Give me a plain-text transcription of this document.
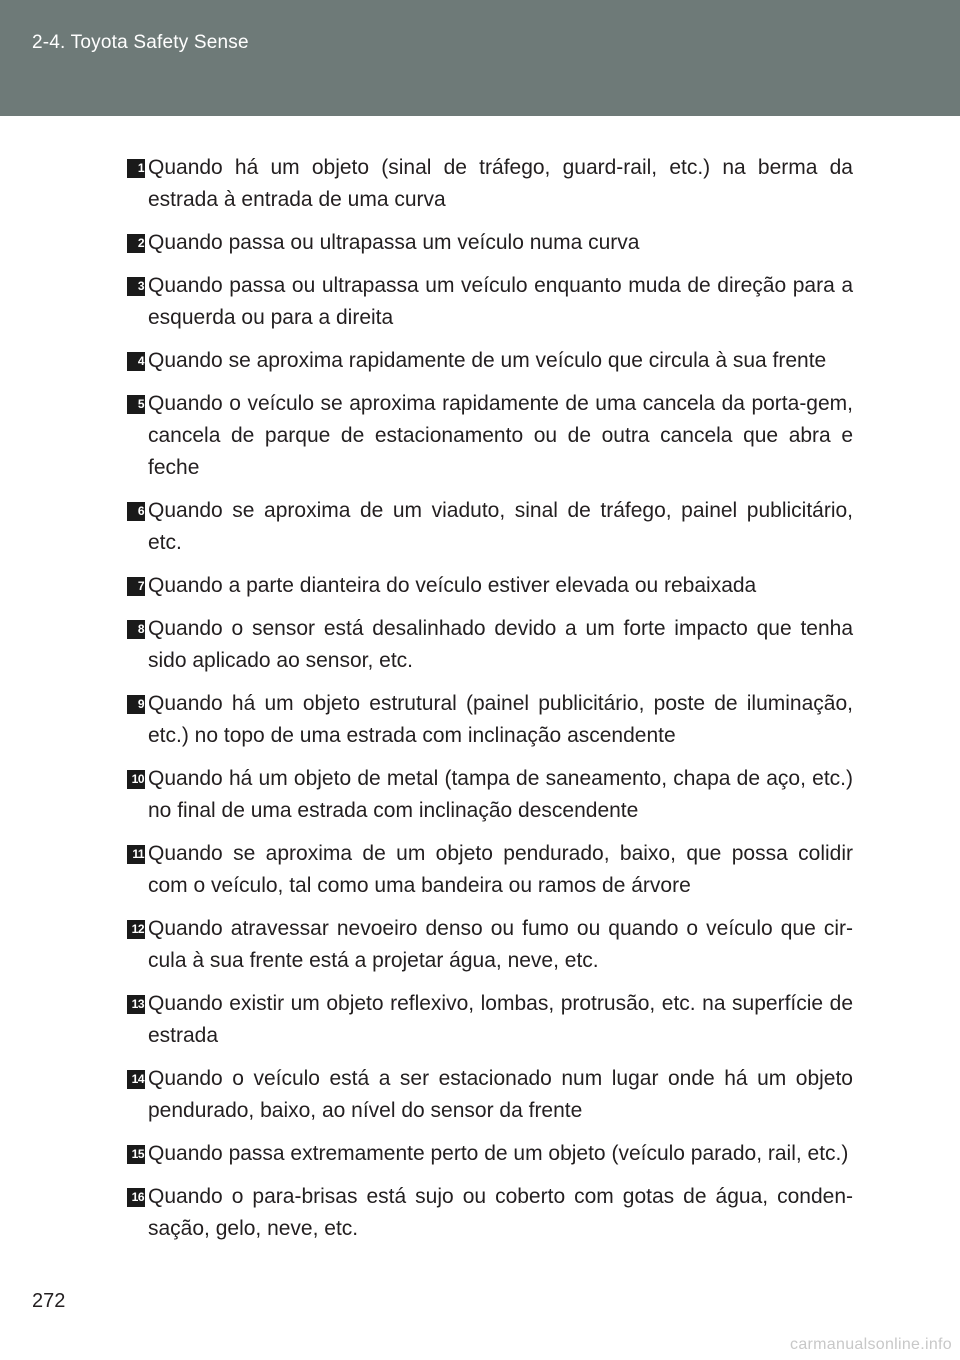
2-4. Toyota Safety Sense
1 Quando há um objeto (sinal de tráfego, guard-rail, etc.) na berma da estrada à entrada de uma curva
2 Quando passa ou ultrapassa um veículo numa curva
3 Quando passa ou ultrapassa um veículo enquanto muda de direção para a esquerda ou para a direita
4 Quando se aproxima rapidamente de um veículo que circula à sua frente
5 Quando o veículo se aproxima rapidamente de uma cancela da porta-gem, cancela de parque de estacionamento ou de outra cancela que abra e feche
6 Quando se aproxima de um viaduto, sinal de tráfego, painel publicitário, etc.
7 Quando a parte dianteira do veículo estiver elevada ou rebaixada
8 Quando o sensor está desalinhado devido a um forte impacto que tenha sido aplicado ao sensor, etc.
9 Quando há um objeto estrutural (painel publicitário, poste de iluminação, etc.) no topo de uma estrada com inclinação ascendente
10 Quando há um objeto de metal (tampa de saneamento, chapa de aço, etc.) no final de uma estrada com inclinação descendente
11 Quando se aproxima de um objeto pendurado, baixo, que possa colidir com o veículo, tal como uma bandeira ou ramos de árvore
12 Quando atravessar nevoeiro denso ou fumo ou quando o veículo que cir-cula à sua frente está a projetar água, neve, etc.
13 Quando existir um objeto reflexivo, lombas, protrusão, etc. na superfície de estrada
14 Quando o veículo está a ser estacionado num lugar onde há um objeto pendurado, baixo, ao nível do sensor da frente
15 Quando passa extremamente perto de um objeto (veículo parado, rail, etc.)
16 Quando o para-brisas está sujo ou coberto com gotas de água, conden-sação, gelo, neve, etc.
272
carmanualsonline.info
